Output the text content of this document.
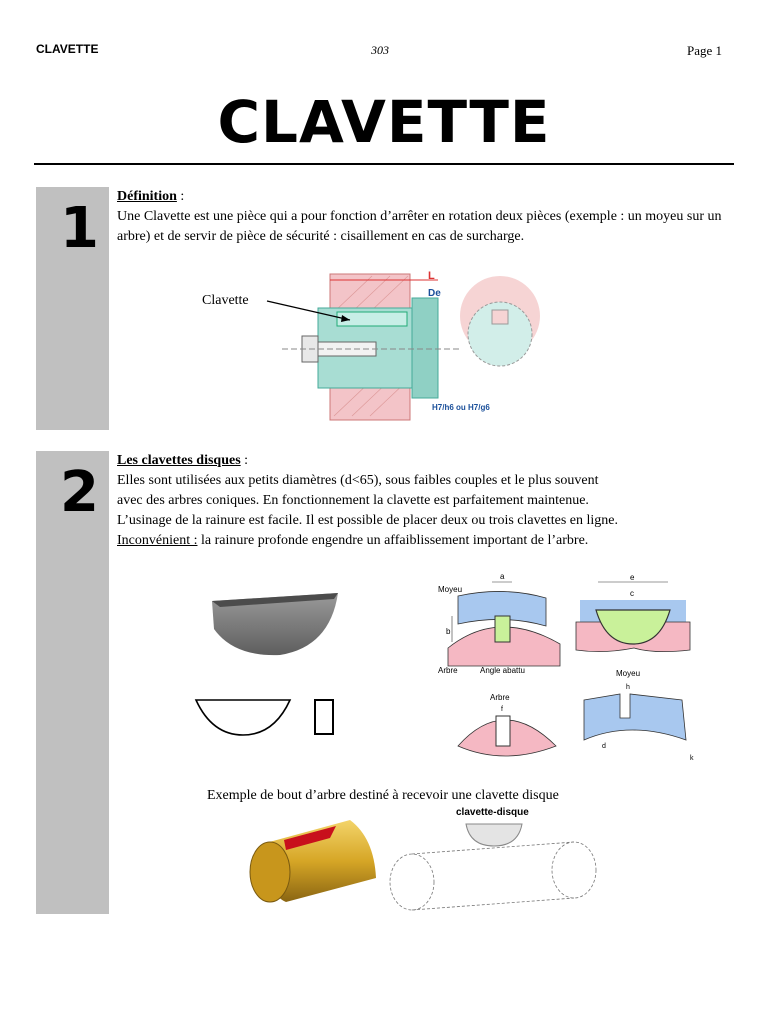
CLAVETTE	303	Page 1
CLAVETTE
1 Définition :
Une Clavette est une pièce qui a pour fonction d’arrêter en rotation deux pièces (exemple : un moyeu sur un arbre) et de servir de pièce de sécurité : cisaillement en cas de surcharge.
Clavette
L
De
H7/h6 ou H7/g6
2 Les clavettes disques :
Elles sont utilisées aux petits diamètres (d<65), sous faibles couples et le plus souvent
avec des arbres coniques. En fonctionnement la clavette est parfaitement maintenue.
L’usinage de la rainure est facile. Il est possible de placer deux ou trois clavettes en ligne.
Inconvénient : la rainure profonde engendre un affaiblissement important de l’arbre.
Moyeu
Arbre	Angle abattu
a
b
e
c
Arbre
f
Moyeu
h
d
k
Exemple de bout d’arbre destiné à recevoir une clavette disque
clavette-disque
